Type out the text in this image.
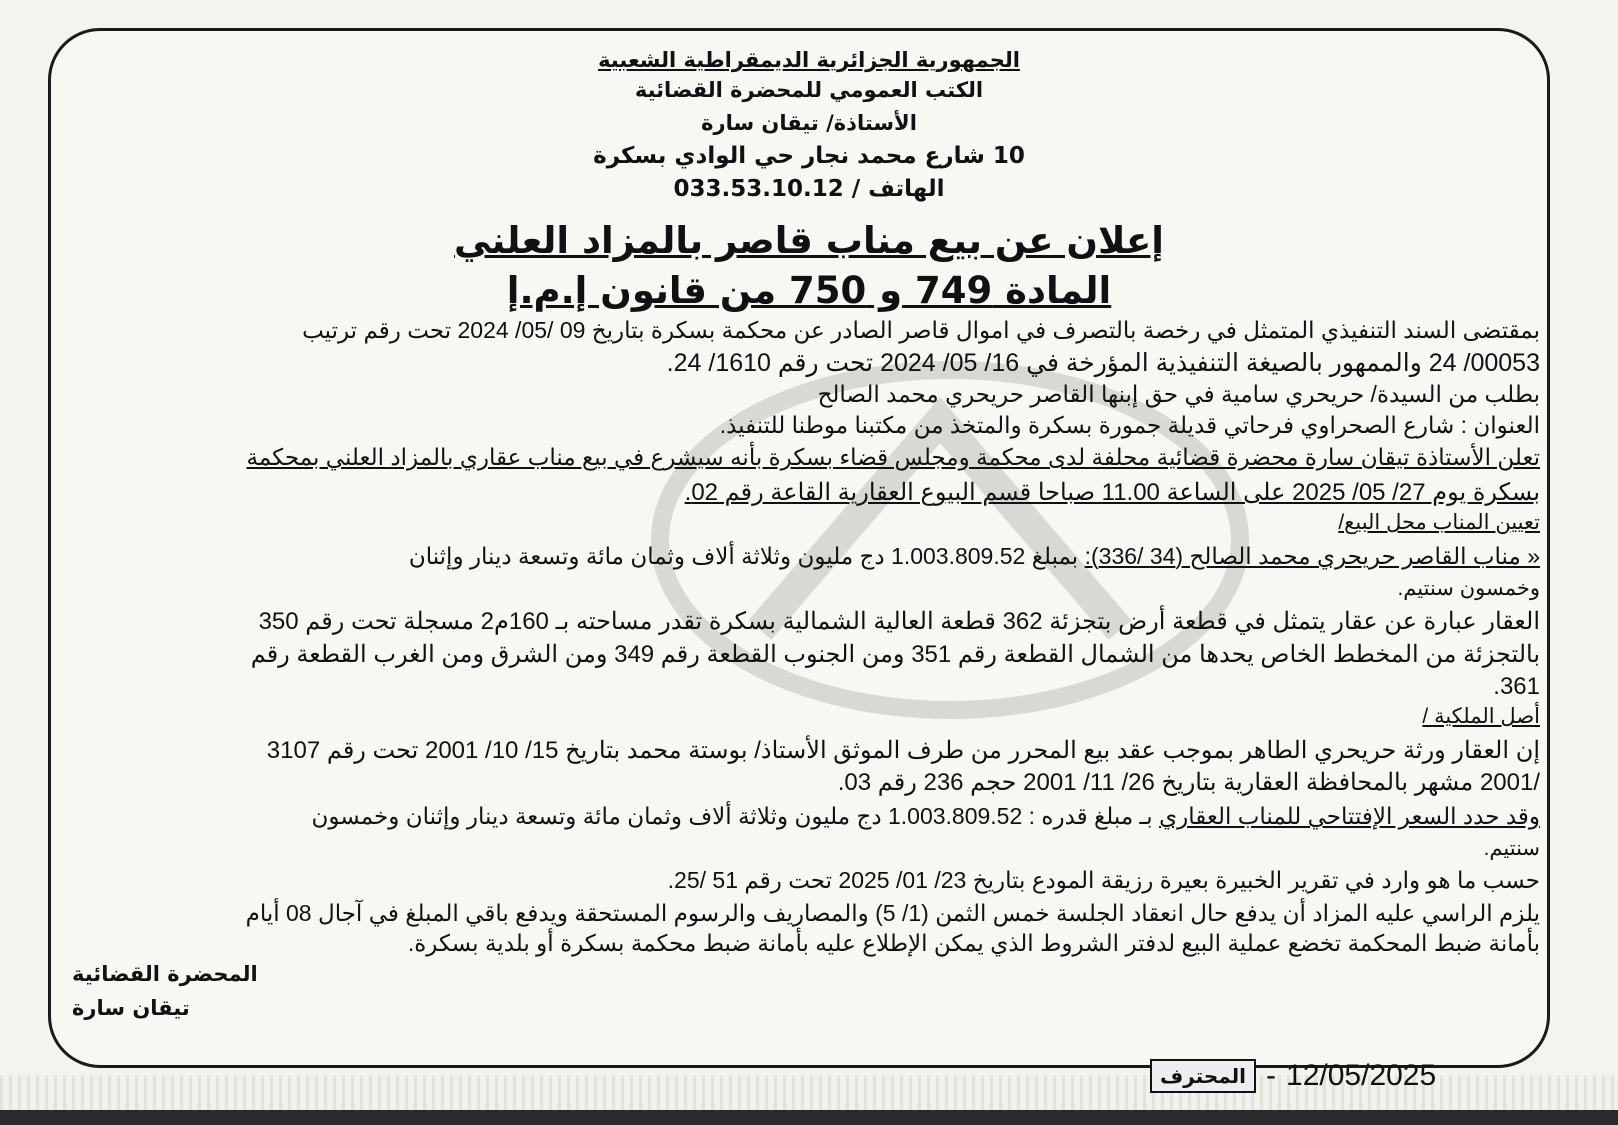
الجمهورية الجزائرية الديمقراطية الشعبية
الكتب العمومي للمحضرة القضائية
الأستاذة/ تيقان سارة
10 شارع محمد نجار حي الوادي بسكرة
الهاتف / 033.53.10.12
إعلان عن بيع مناب قاصر بالمزاد العلني
المادة 749 و 750 من قانون إ.م.إ
بمقتضى السند التنفيذي المتمثل في رخصة بالتصرف في اموال قاصر الصادر عن محكمة بسكرة بتاريخ 09 /05/ 2024 تحت رقم ترتيب
00053/ 24 والممهور بالصيغة التنفيذية المؤرخة في 16/ 05/ 2024 تحت رقم 1610/ 24.
بطلب من السيدة/ حريحري سامية في حق إبنها القاصر حريحري محمد الصالح
العنوان : شارع الصحراوي فرحاتي قديلة جمورة بسكرة والمتخذ من مكتبنا موطنا للتنفيذ.
تعلن الأستاذة تيقان سارة محضرة قضائية محلفة لدى محكمة ومجلس قضاء بسكرة بأنه سيشرع في بيع مناب عقاري بالمزاد العلني بمحكمة
بسكرة يوم 27/ 05/ 2025 على الساعة 11.00 صباحا قسم البيوع العقارية القاعة رقم 02.
تعيين المناب محل البيع/
« مناب القاصر حريحري محمد الصالح (34 /336): بمبلغ 1.003.809.52 دج مليون وثلاثة ألاف وثمان مائة وتسعة دينار وإثنان
وخمسون سنتيم.
العقار عبارة عن عقار يتمثل في قطعة أرض بتجزئة 362 قطعة العالية الشمالية بسكرة تقدر مساحته بـ 160م2 مسجلة تحت رقم 350
بالتجزئة من المخطط الخاص يحدها من الشمال القطعة رقم 351 ومن الجنوب القطعة رقم 349 ومن الشرق ومن الغرب القطعة رقم
361.
أصل الملكية /
إن العقار ورثة حريحري الطاهر بموجب عقد بيع المحرر من طرف الموثق الأستاذ/ بوستة محمد بتاريخ 15/ 10/ 2001 تحت رقم 3107
/2001 مشهر بالمحافظة العقارية بتاريخ 26/ 11/ 2001 حجم 236 رقم 03.
وقد حدد السعر الإفتتاحي للمناب العقاري بـ مبلغ قدره : 1.003.809.52 دج مليون وثلاثة ألاف وثمان مائة وتسعة دينار وإثنان وخمسون
سنتيم.
حسب ما هو وارد في تقرير الخبيرة بعيرة رزيقة المودع بتاريخ 23/ 01/ 2025 تحت رقم 51 /25.
يلزم الراسي عليه المزاد أن يدفع حال انعقاد الجلسة خمس الثمن (1/ 5) والمصاريف والرسوم المستحقة ويدفع باقي المبلغ في آجال 08 أيام
بأمانة ضبط المحكمة تخضع عملية البيع لدفتر الشروط الذي يمكن الإطلاع عليه بأمانة ضبط محكمة بسكرة أو بلدية بسكرة.
المحضرة القضائية
تيقان سارة
المحترف - 12/05/2025
